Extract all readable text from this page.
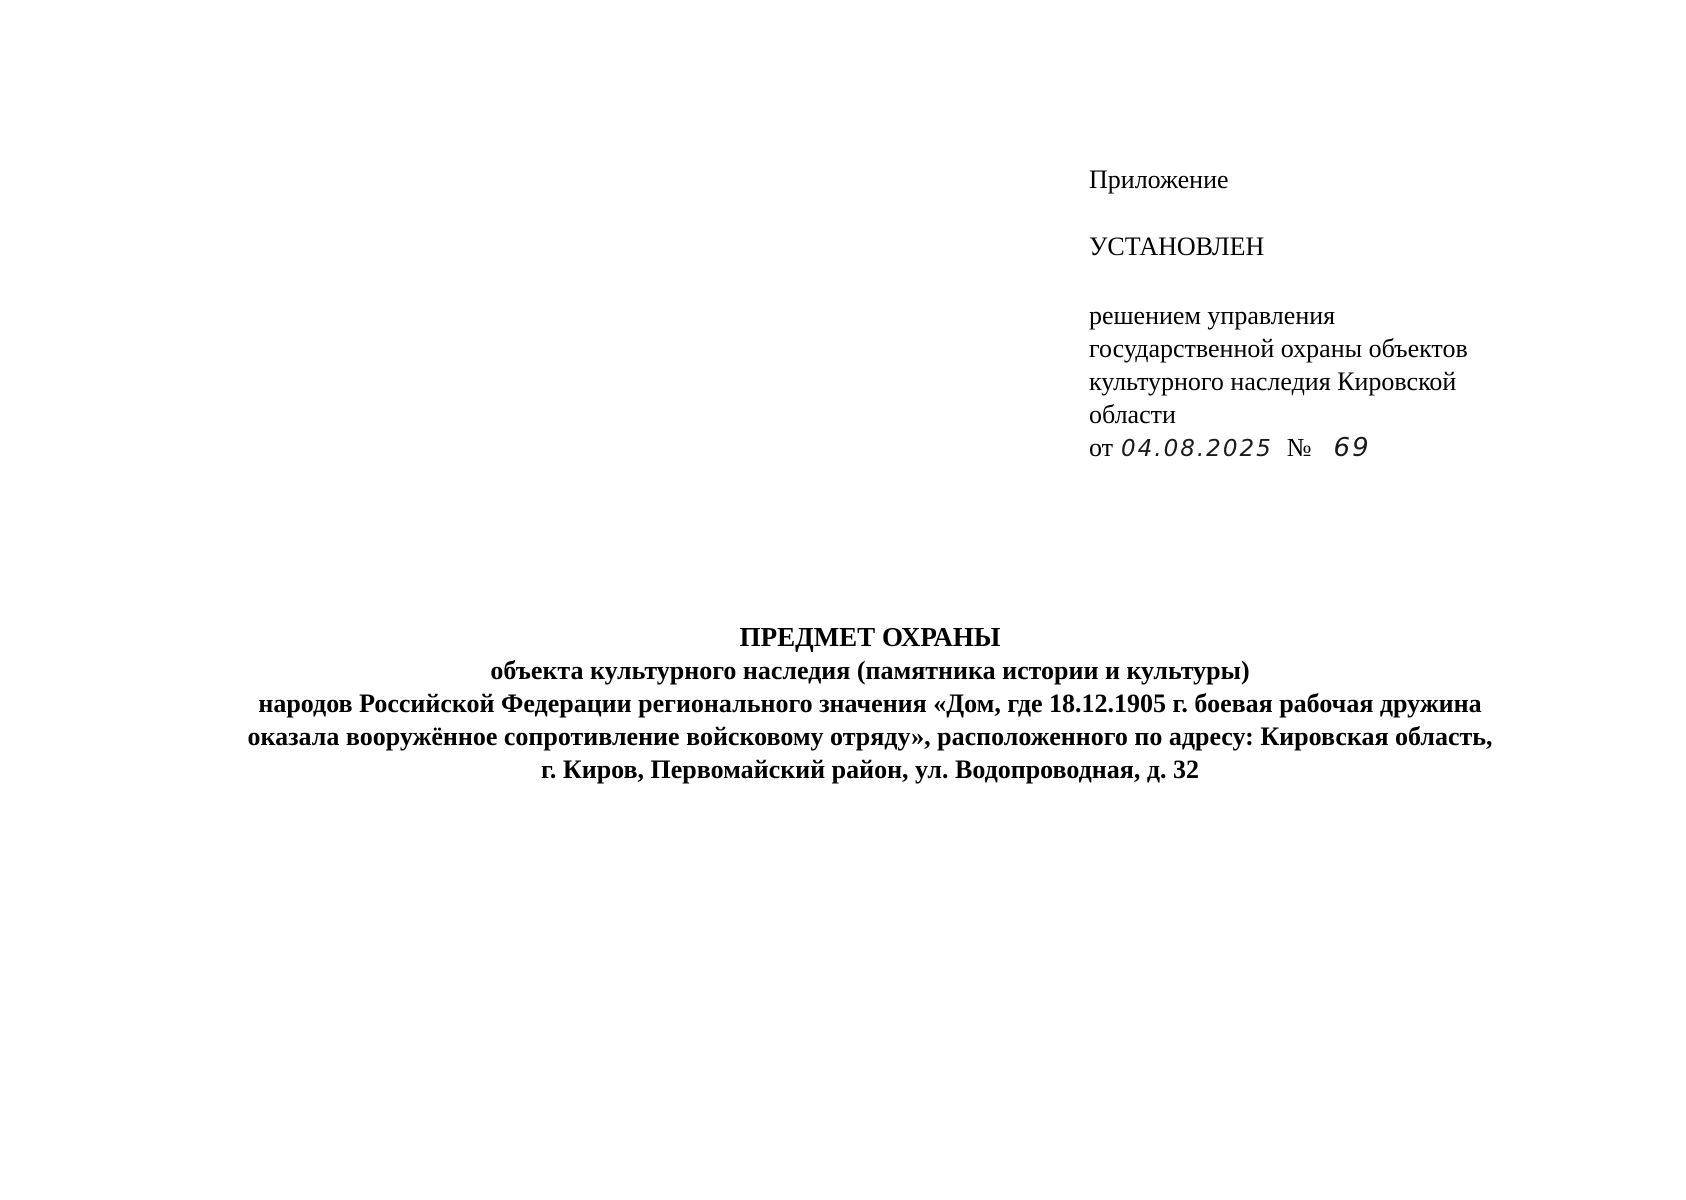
Приложение

УСТАНОВЛЕН

решением управления

государственной охраны объектов

культурного наследия Кировской

области

от 04.08.2025 № 69

ПРЕДМЕТ ОХРАНЫ

объекта культурного наследия (памятника истории и культуры)

народов Российской Федерации регионального значения «Дом, где 18.12.1905 г. боевая рабочая дружина

оказала вооружённое сопротивление войсковому отряду», расположенного по адресу: Кировская область,

г. Киров, Первомайский район, ул. Водопроводная, д. 32
